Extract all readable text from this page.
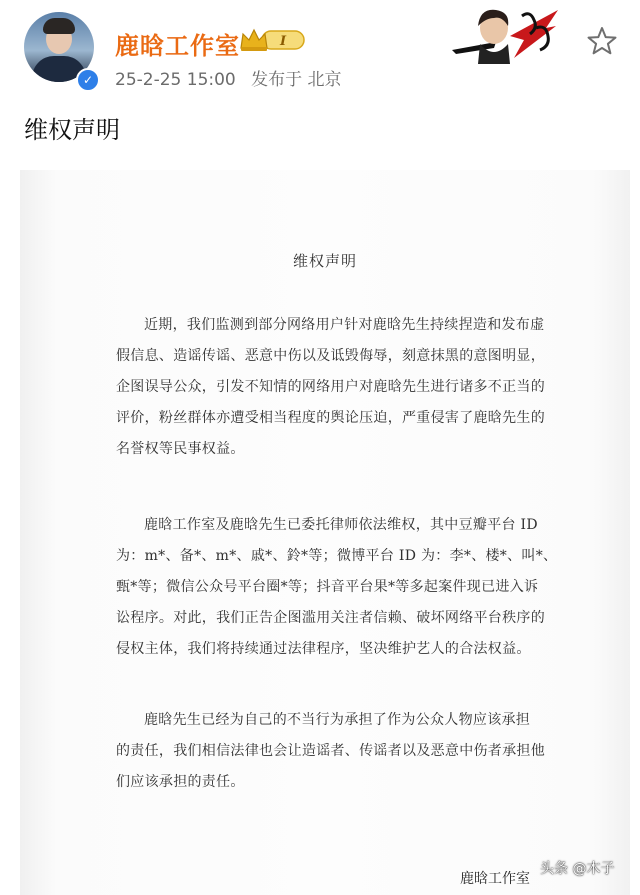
✓
鹿晗工作室	I
25-2-25 15:00 发布于 北京
维权声明
维权声明

近期，我们监测到部分网络用户针对鹿晗先生持续捏造和发布虚
假信息、造谣传谣、恶意中伤以及诋毁侮辱，刻意抹黑的意图明显，
企图误导公众，引发不知情的网络用户对鹿晗先生进行诸多不正当的
评价，粉丝群体亦遭受相当程度的舆论压迫，严重侵害了鹿晗先生的
名誉权等民事权益。

鹿晗工作室及鹿晗先生已委托律师依法维权，其中豆瓣平台 ID
为：m*、备*、m*、戚*、鈴*等；微博平台 ID 为：李*、楼*、叫*、
甄*等；微信公众号平台圈*等；抖音平台果*等多起案件现已进入诉
讼程序。对此，我们正告企图滥用关注者信赖、破坏网络平台秩序的
侵权主体，我们将持续通过法律程序，坚决维护艺人的合法权益。

鹿晗先生已经为自己的不当行为承担了作为公众人物应该承担
的责任，我们相信法律也会让造谣者、传谣者以及恶意中伤者承担他
们应该承担的责任。

鹿晗工作室
头条 @木子
